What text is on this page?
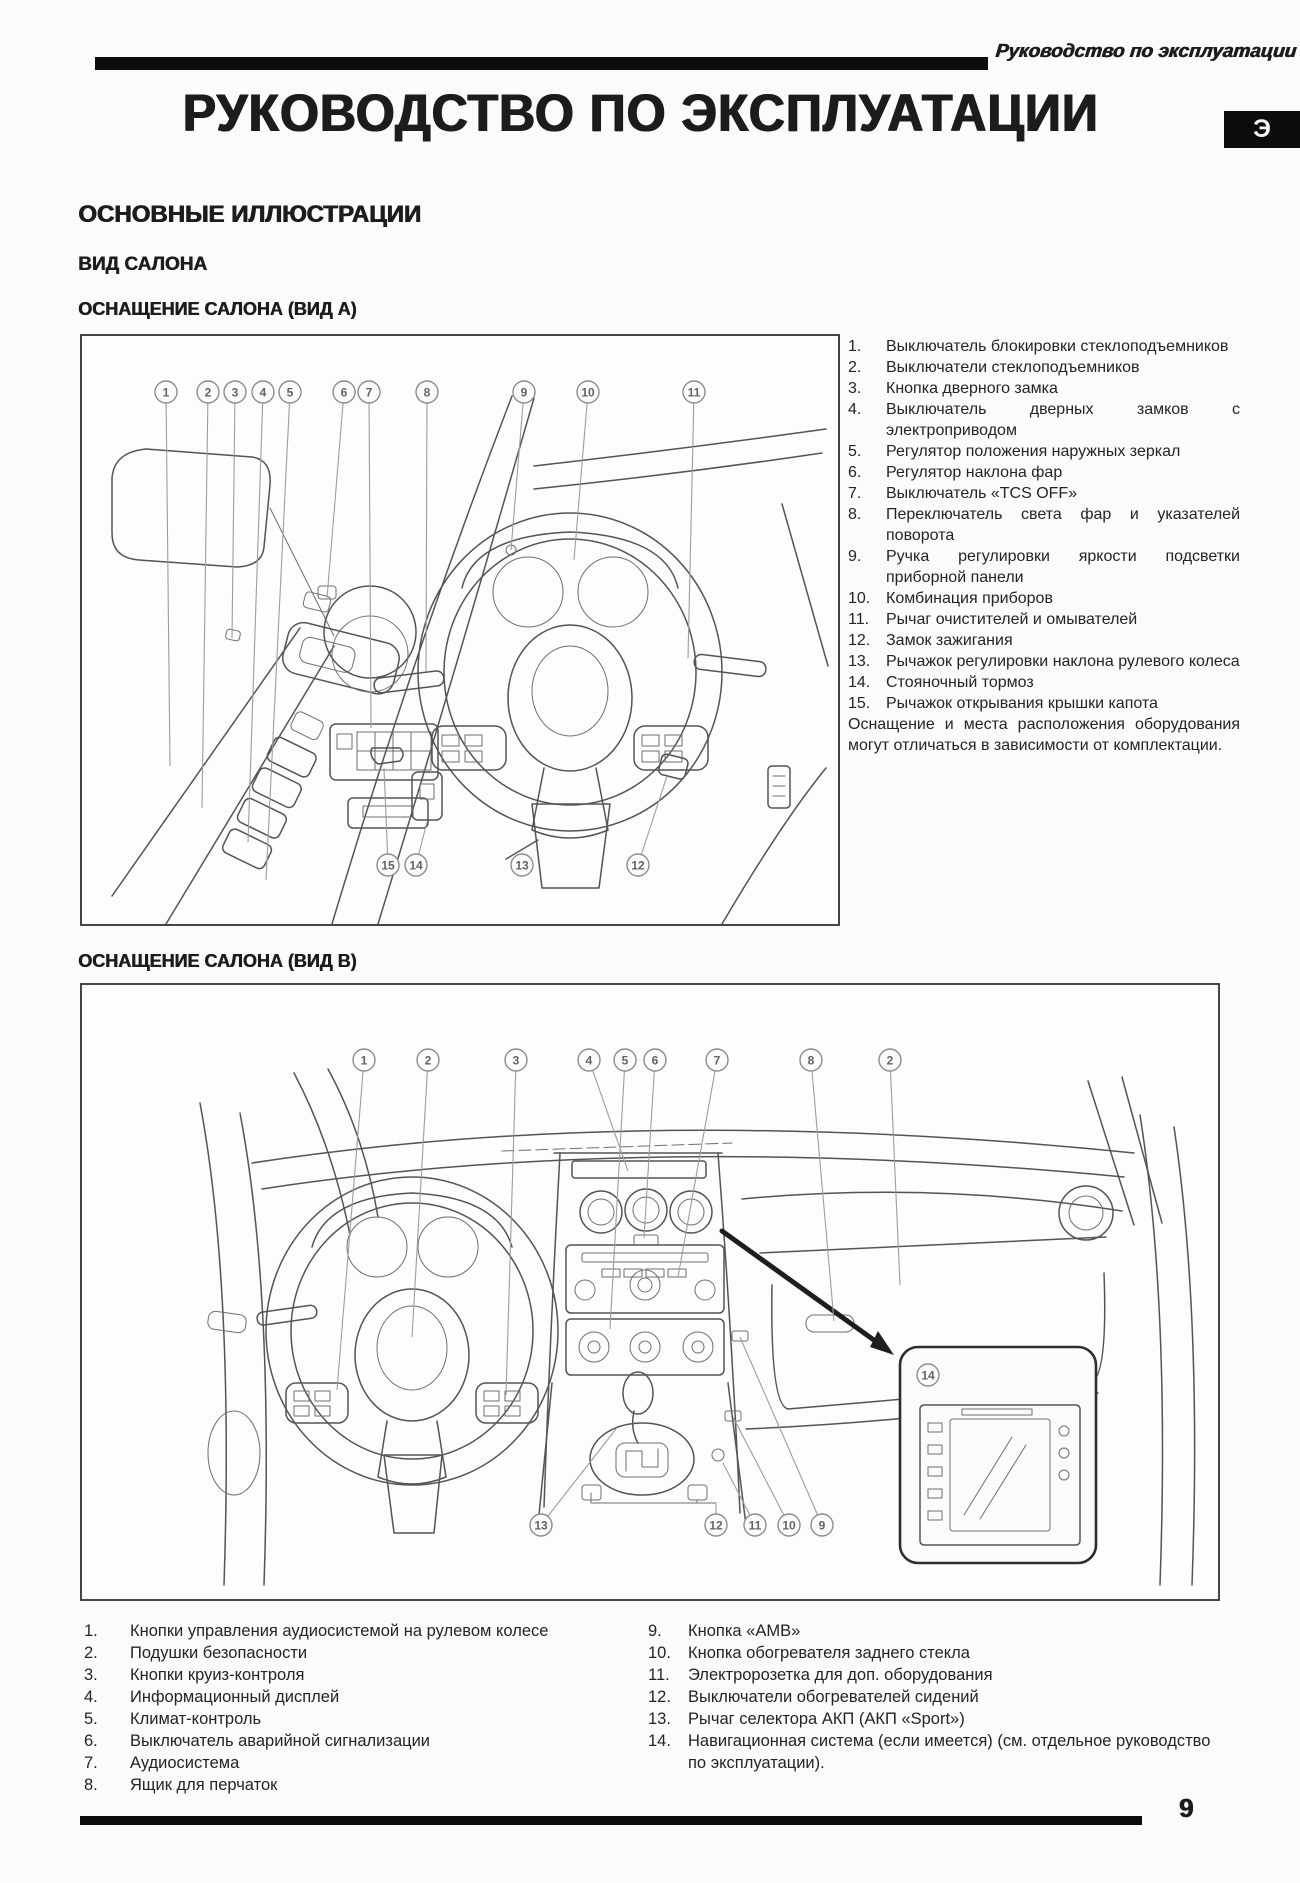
Руководство по эксплуатации
Э
РУКОВОДСТВО ПО ЭКСПЛУАТАЦИИ
ОСНОВНЫЕ ИЛЛЮСТРАЦИИ
ВИД САЛОНА
ОСНАЩЕНИЕ САЛОНА (ВИД А)
1	2 3 4 5	6 7	8	9	10	11
15 14	13	12
1.	Выключатель блокировки стеклоподъемников
2.	Выключатели стеклоподъемников
3.	Кнопка дверного замка
4.	Выключатель дверных замков с электроприводом
5.	Регулятор положения наружных зеркал
6.	Регулятор наклона фар
7.	Выключатель «TCS OFF»
8.	Переключатель света фар и указателей поворота
9.	Ручка регулировки яркости подсветки приборной панели
10. Комбинация приборов
11.	Рычаг очистителей и омывателей
12. Замок зажигания
13. Рычажок регулировки наклона рулевого колеса
14. Стояночный тормоз
15. Рычажок открывания крышки капота
Оснащение и места расположения оборудования могут отличаться в зависимости от комплектации.
ОСНАЩЕНИЕ САЛОНА (ВИД В)
1	2	3	4 5 6	7	8	2
13	12 11 10 9
14
1.	Кнопки управления аудиосистемой на рулевом колесе
2.	Подушки безопасности
3.	Кнопки круиз-контроля
4.	Информационный дисплей
5.	Климат-контроль
6.	Выключатель аварийной сигнализации
7.	Аудиосистема
8.	Ящик для перчаток
9.	Кнопка «AMB»
10.	Кнопка обогревателя заднего стекла
11.	Электророзетка для доп. оборудования
12.	Выключатели обогревателей сидений
13.	Рычаг селектора АКП (АКП «Sport»)
14.	Навигационная система (если имеется) (см. отдельное руководство по эксплуатации).
9
